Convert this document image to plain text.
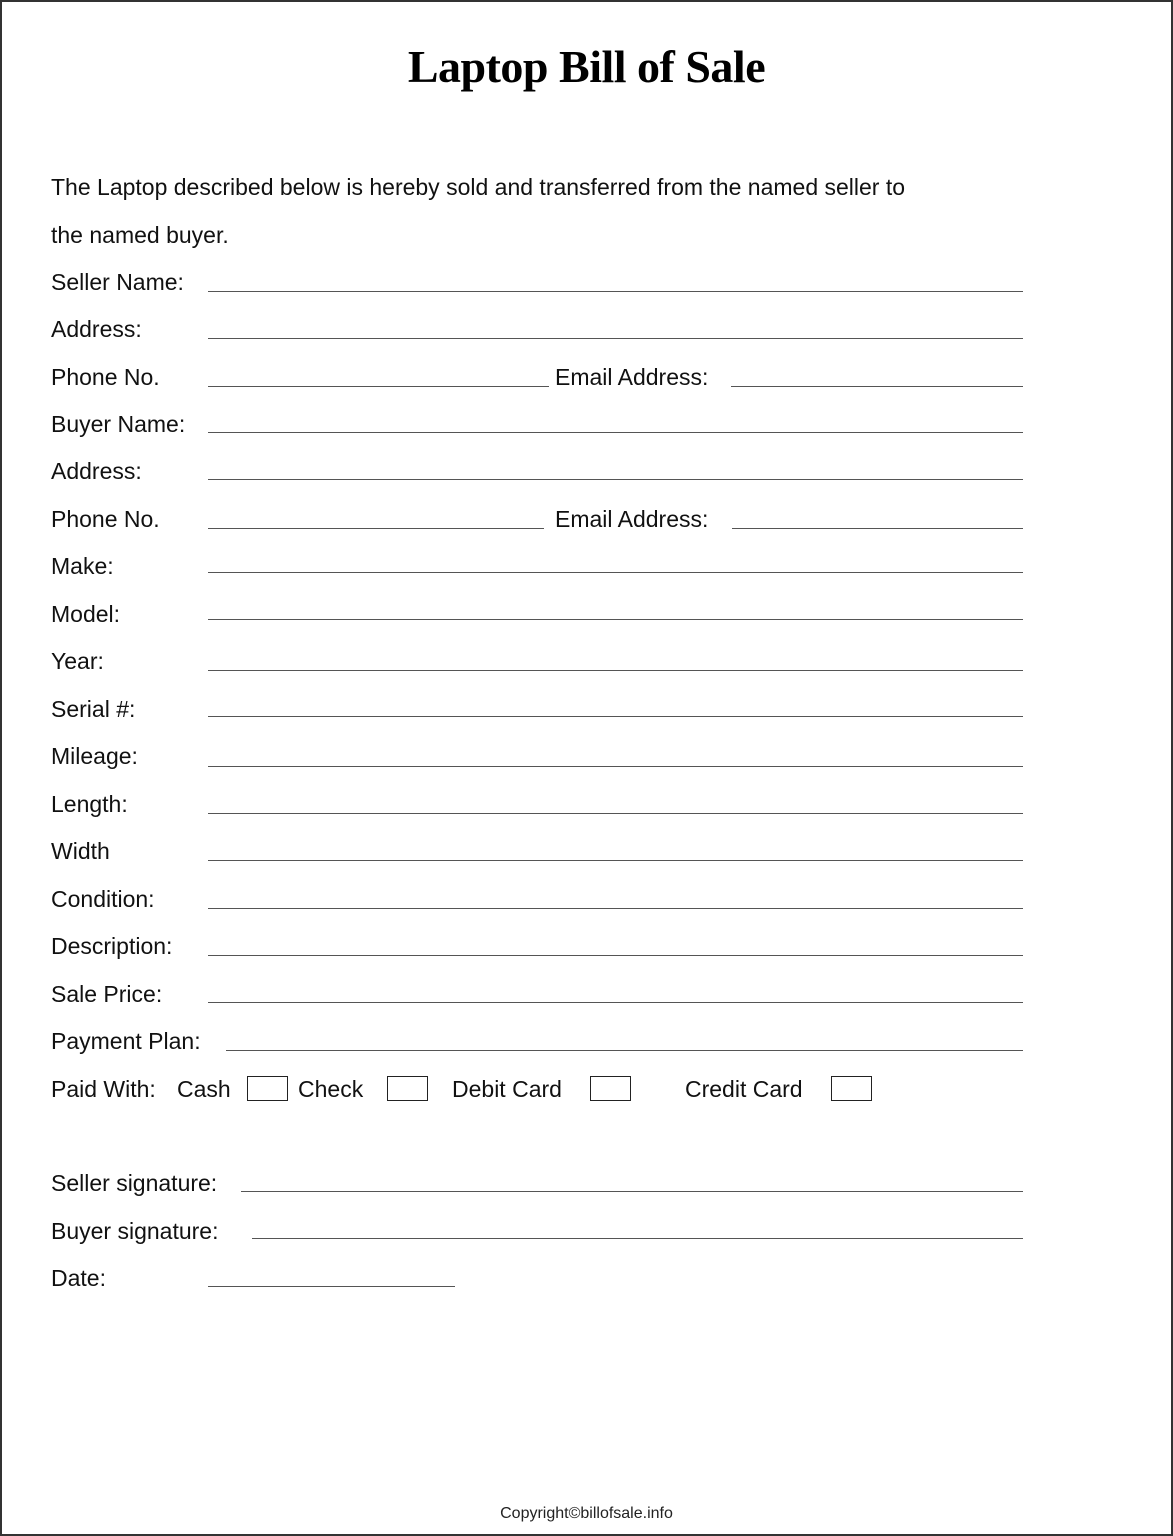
Laptop Bill of Sale
The Laptop described below is hereby sold and transferred from the named seller to
the named buyer.
Seller Name:
Address:
Phone No.	Email Address:
Buyer Name:
Address:
Phone No.	Email Address:
Make:
Model:
Year:
Serial #:
Mileage:
Length:
Width
Condition:
Description:
Sale Price:
Payment Plan:
Paid With: Cash	Check	Debit Card	Credit Card
Seller signature:
Buyer signature:
Date:
Copyright©billofsale.info
